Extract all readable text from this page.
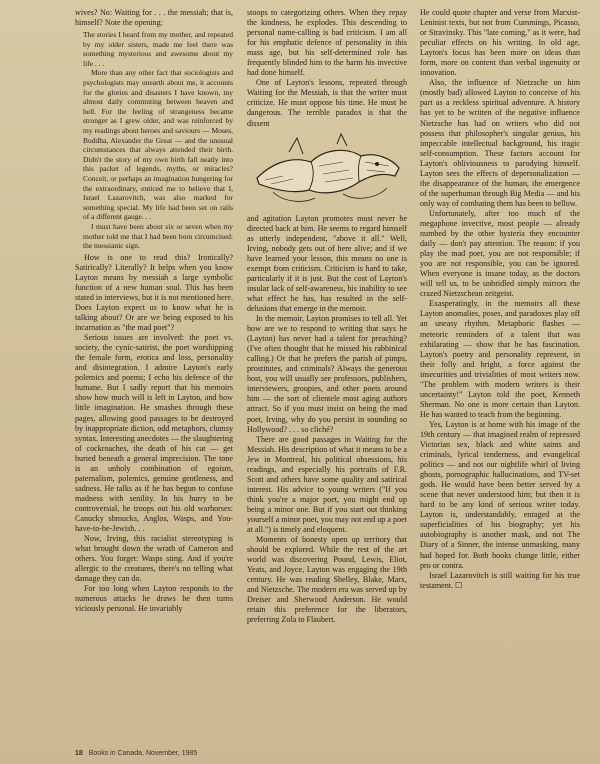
wives? No: Waiting for . . . the messiah; that is, himself? Note the opening:

The stories I heard from my mother, and repeated by my older sisters, made me feel there was something mysterious and awesome about my life . . .

More than any other fact that sociologists and psychologists may unearth about me, it accounts for the glories and disasters I have known, my almost daily commuting between heaven and hell. For the feeling of strangeness became stronger as I grew older, and was reinforced by my readings about heroes and saviours — Moses, Buddha, Alexander the Great — and the unusual circumstances that always attended their birth. Didn't the story of my own birth fall neatly into this packet of legends, myths, or miracles? Conceit, or perhaps an imagination hungering for the extraordinary, enticed me to believe that I, Israel Lazarovitch, was also marked for something special. My life had been set on rails of a different gauge. . .

I must have been about six or seven when my mother told me that I had been born circumcised: the messianic sign.

How is one to read this? Ironically? Satirically? Literally? It helps when you know Layton means by messiah a large symbolic function of a new human soul. This has been stated in interviews, but it is not mentioned here. Does Layton expect us to know what he is talking about? Or are we being exposed to his incarnation as "the mad poet"?

Serious issues are involved: the poet vs. society, the cynic-satirist, the poet worshipping the female form, erotica and loss, personality and disintegration. I admire Layton's early polemics and poems; I echo his defence of the humane. But I sadly report that his memoirs show how much will is left in Layton, and how little imagination. He smashes through these pages, allowing good passages to be destroyed by inappropriate diction, odd metaphors, clumsy syntax. Interesting anecdotes — the slaughtering of cockroaches, the death of his cat — get buried beneath a general imprecision. The tone is an unholy combination of egoism, paternalism, polemics, genuine gentleness, and sadness. He talks as if he has begun to confuse madness with senility. In his hurry to be controversial, he troops out his old warhorses: Canucky shmucks, Anglos, Wasps, and You-have-to-be-Jewish. . .

Now, Irving, this racialist stereotyping is what brought down the wrath of Cameron and others. You forget: Wasps sting. And if you're allergic to the creatures, there's no telling what damage they can do.

For too long when Layton responds to the numerous attacks he draws he then turns viciously personal. He invariably

stoops to categorizing others. When they repay the kindness, he explodes. This descending to personal name-calling is bad criticism. I am all for his emphatic defence of personality in this mass age, but his self-determined role has frequently blinded him to the harm his invective had done himself.

One of Layton's lessons, repeated through Waiting for the Messiah, is that the writer must criticize. He must oppose his time. He must be dangerous. The terrible paradox is that the dissent

and agitation Layton promotes must never be directed back at him. He seems to regard himself as utterly independent, "above it all." Well, Irving, nobody gets out of here alive; and if we have learned your lesson, this means no one is exempt from criticism. Criticism is hard to take, particularly if it is just. But the cost of Layton's insular lack of self-awareness, his inability to see what effect he has, has resulted in the self-delusions that emerge in the memoir.

In the memoir, Layton promises to tell all. Yet how are we to respond to writing that says he (Layton) has never had a talent for preaching? (I've often thought that he missed his rabbinical calling.) Or that he prefers the parish of pimps, prostitutes, and criminals? Always the generous host, you will usually see professors, publishers, interviewers, groupies, and other poets around him — the sort of clientele most aging authors attract. So if you must insist on being the mad poet, Irving, why do you persist in sounding so Hollywood? . . . so cliché?

There are good passages in Waiting for the Messiah. His description of what it means to be a Jew in Montreal, his political obsessions, his readings, and especially his portraits of F.R. Scott and others have some quality and satirical interest. His advice to young writers ("If you think you're a major poet, you might end up being a minor one. But if you start out thinking yourself a minor poet, you may not end up a poet at all.") is timely and eloquent.

Moments of honesty open up territory that should be explored. While the rest of the art world was discovering Pound, Lewis, Eliot, Yeats, and Joyce, Layton was engaging the 19th century. He was reading Shelley, Blake, Marx, and Nietzsche. The modern era was served up by Dreiser and Sherwood Anderson. He would retain this preference for the liberators, preferring Zola to Flaubert.

He could quote chapter and verse from Marxist-Leninist texts, but not from Cummings, Picasso, or Stravinsky. This "late coming," as it were, had peculiar effects on his writing. In old age, Layton's focus has been more on ideas than form, more on content than verbal ingenuity or innovation.

Also, the influence of Nietzsche on him (mostly bad) allowed Layton to conceive of his part as a reckless spiritual adventure. A history has yet to be written of the negative influence Nietzsche has had on writers who did not possess that philosopher's singular genius, his impeccable intellectual background, his tragic self-consumption. These factors account for Layton's obliviousness to parodying himself. Layton sees the effects of depersonalization — the disappearance of the human, the emergence of the superhuman through Big Media — and his only way of combating them has been to bellow.

Unfortunately, after too much of the megaphone invective, most people — already numbed by the other hysteria they encounter daily — don't pay attention. The reason: if you play the mad poet, you are not responsible; if you are not responsible, you can be ignored. When everyone is insane today, as the doctors will tell us, to be unbridled simply mirrors the crazed Nietzschean zeitgeist.

Exasperatingly, in the memoirs all these Layton anomalies, poses, and paradoxes play off an uneasy rhythm. Metaphoric flashes — meteoric reminders of a talent that was exhilarating — show that he has fascination. Layton's poetry and personality represent, in their folly and bright, a force against the insecurities and trivialities of most writers now. "The problem with modern writers is their uncertainty!" Layton told the poet, Kenneth Sherman. No one is more certain than Layton. He has wanted to teach from the beginning.

Yes, Layton is at home with his image of the 19th century — that imagined realm of repressed Victorian sex, black and white saints and criminals, lyrical tenderness, and evangelical politics — and not our nightlife whirl of living ghosts, pornographic hallucinations, and TV-set gods. He would have been better served by a scene that never understood him; but then it is hard to be any kind of serious writer today. Layton is, understandably, enraged at the superficialities of his biography; yet his autobiography is another mask, and not The Diary of a Sinner, the intense unmasking, many had hoped for. Both books change little, either pro or contra.

Israel Lazarovitch is still waiting for his true testament. ☐

18 Books in Canada, November, 1985
